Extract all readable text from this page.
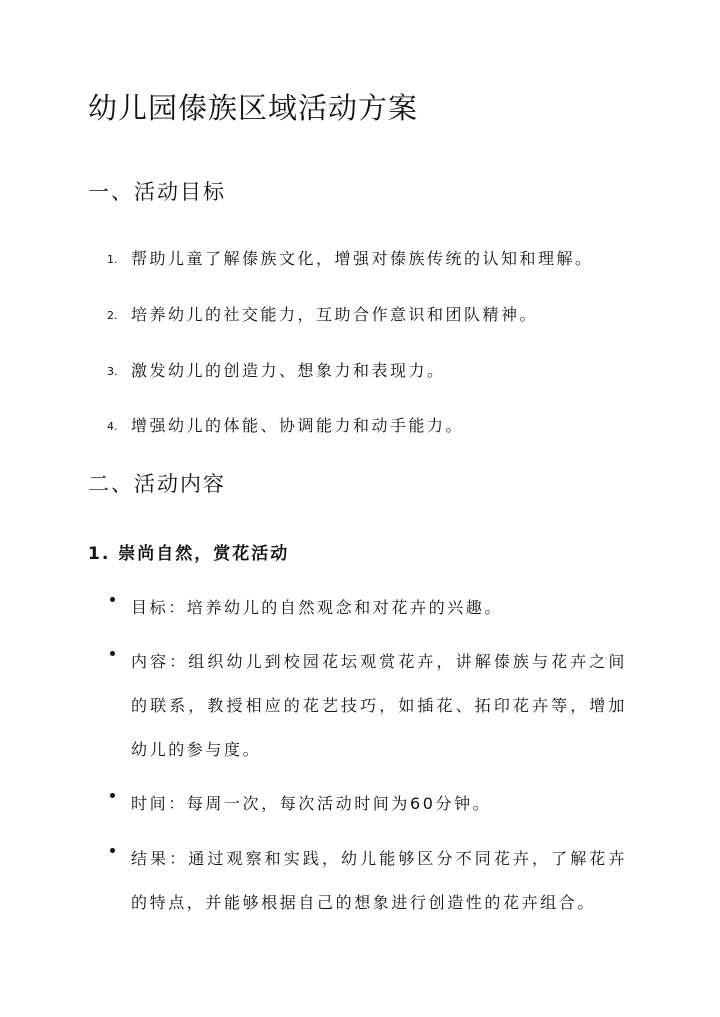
幼儿园傣族区域活动方案
一、活动目标
1. 帮助儿童了解傣族文化，增强对傣族传统的认知和理解。
2. 培养幼儿的社交能力，互助合作意识和团队精神。
3. 激发幼儿的创造力、想象力和表现力。
4. 增强幼儿的体能、协调能力和动手能力。
二、活动内容
1. 崇尚自然，赏花活动
目标：培养幼儿的自然观念和对花卉的兴趣。
内容：组织幼儿到校园花坛观赏花卉，讲解傣族与花卉之间的联系，教授相应的花艺技巧，如插花、拓印花卉等，增加幼儿的参与度。
时间：每周一次，每次活动时间为60分钟。
结果：通过观察和实践，幼儿能够区分不同花卉，了解花卉的特点，并能够根据自己的想象进行创造性的花卉组合。
